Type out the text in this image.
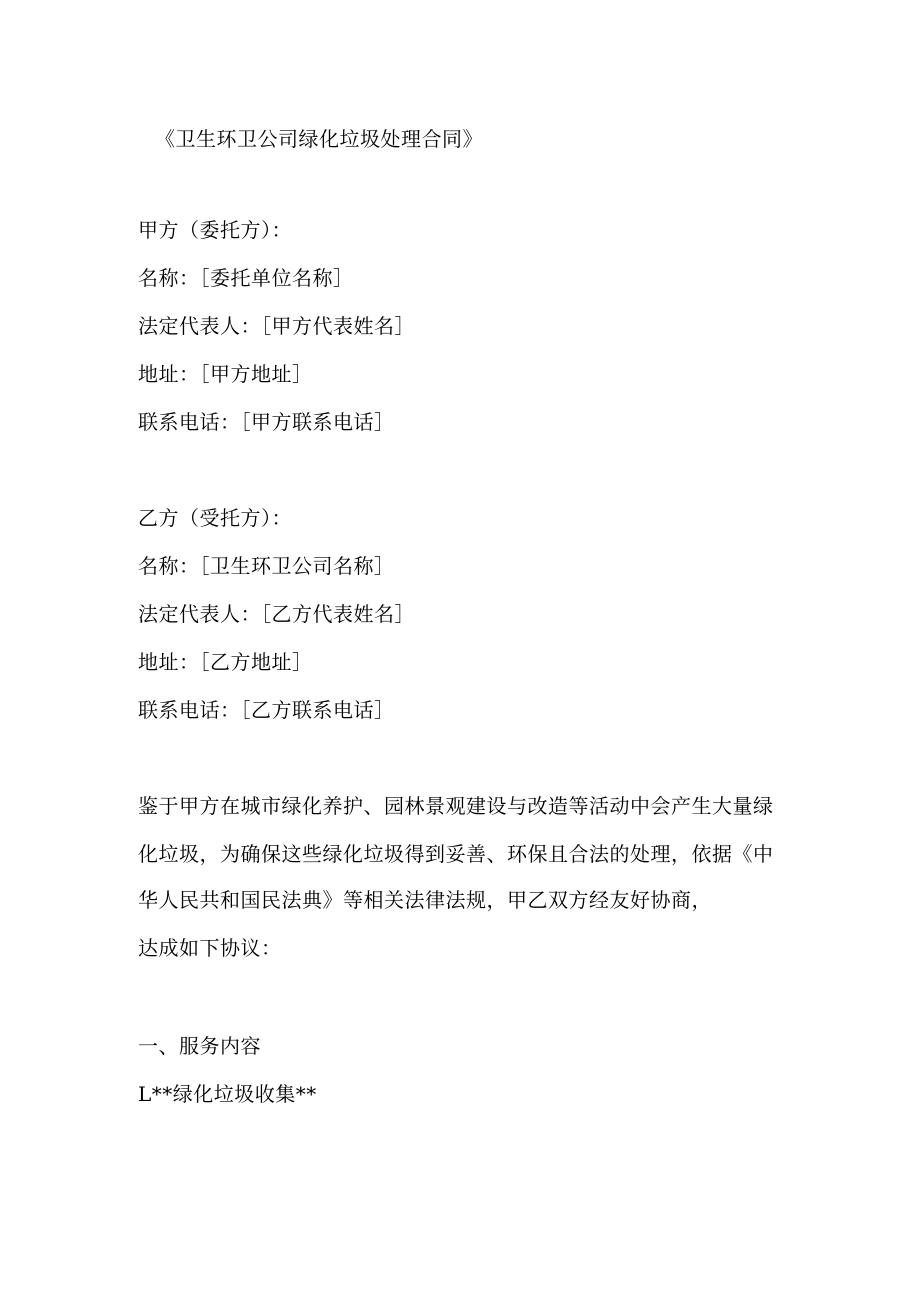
《卫生环卫公司绿化垃圾处理合同》
甲方（委托方）：
名称：［委托单位名称］
法定代表人：［甲方代表姓名］
地址：［甲方地址］
联系电话：［甲方联系电话］
乙方（受托方）：
名称：［卫生环卫公司名称］
法定代表人：［乙方代表姓名］
地址：［乙方地址］
联系电话：［乙方联系电话］
鉴于甲方在城市绿化养护、园林景观建设与改造等活动中会产生大量绿
化垃圾，为确保这些绿化垃圾得到妥善、环保且合法的处理，依据《中
华人民共和国民法典》等相关法律法规，甲乙双方经友好协商，
达成如下协议：
一、服务内容
L**绿化垃圾收集**
